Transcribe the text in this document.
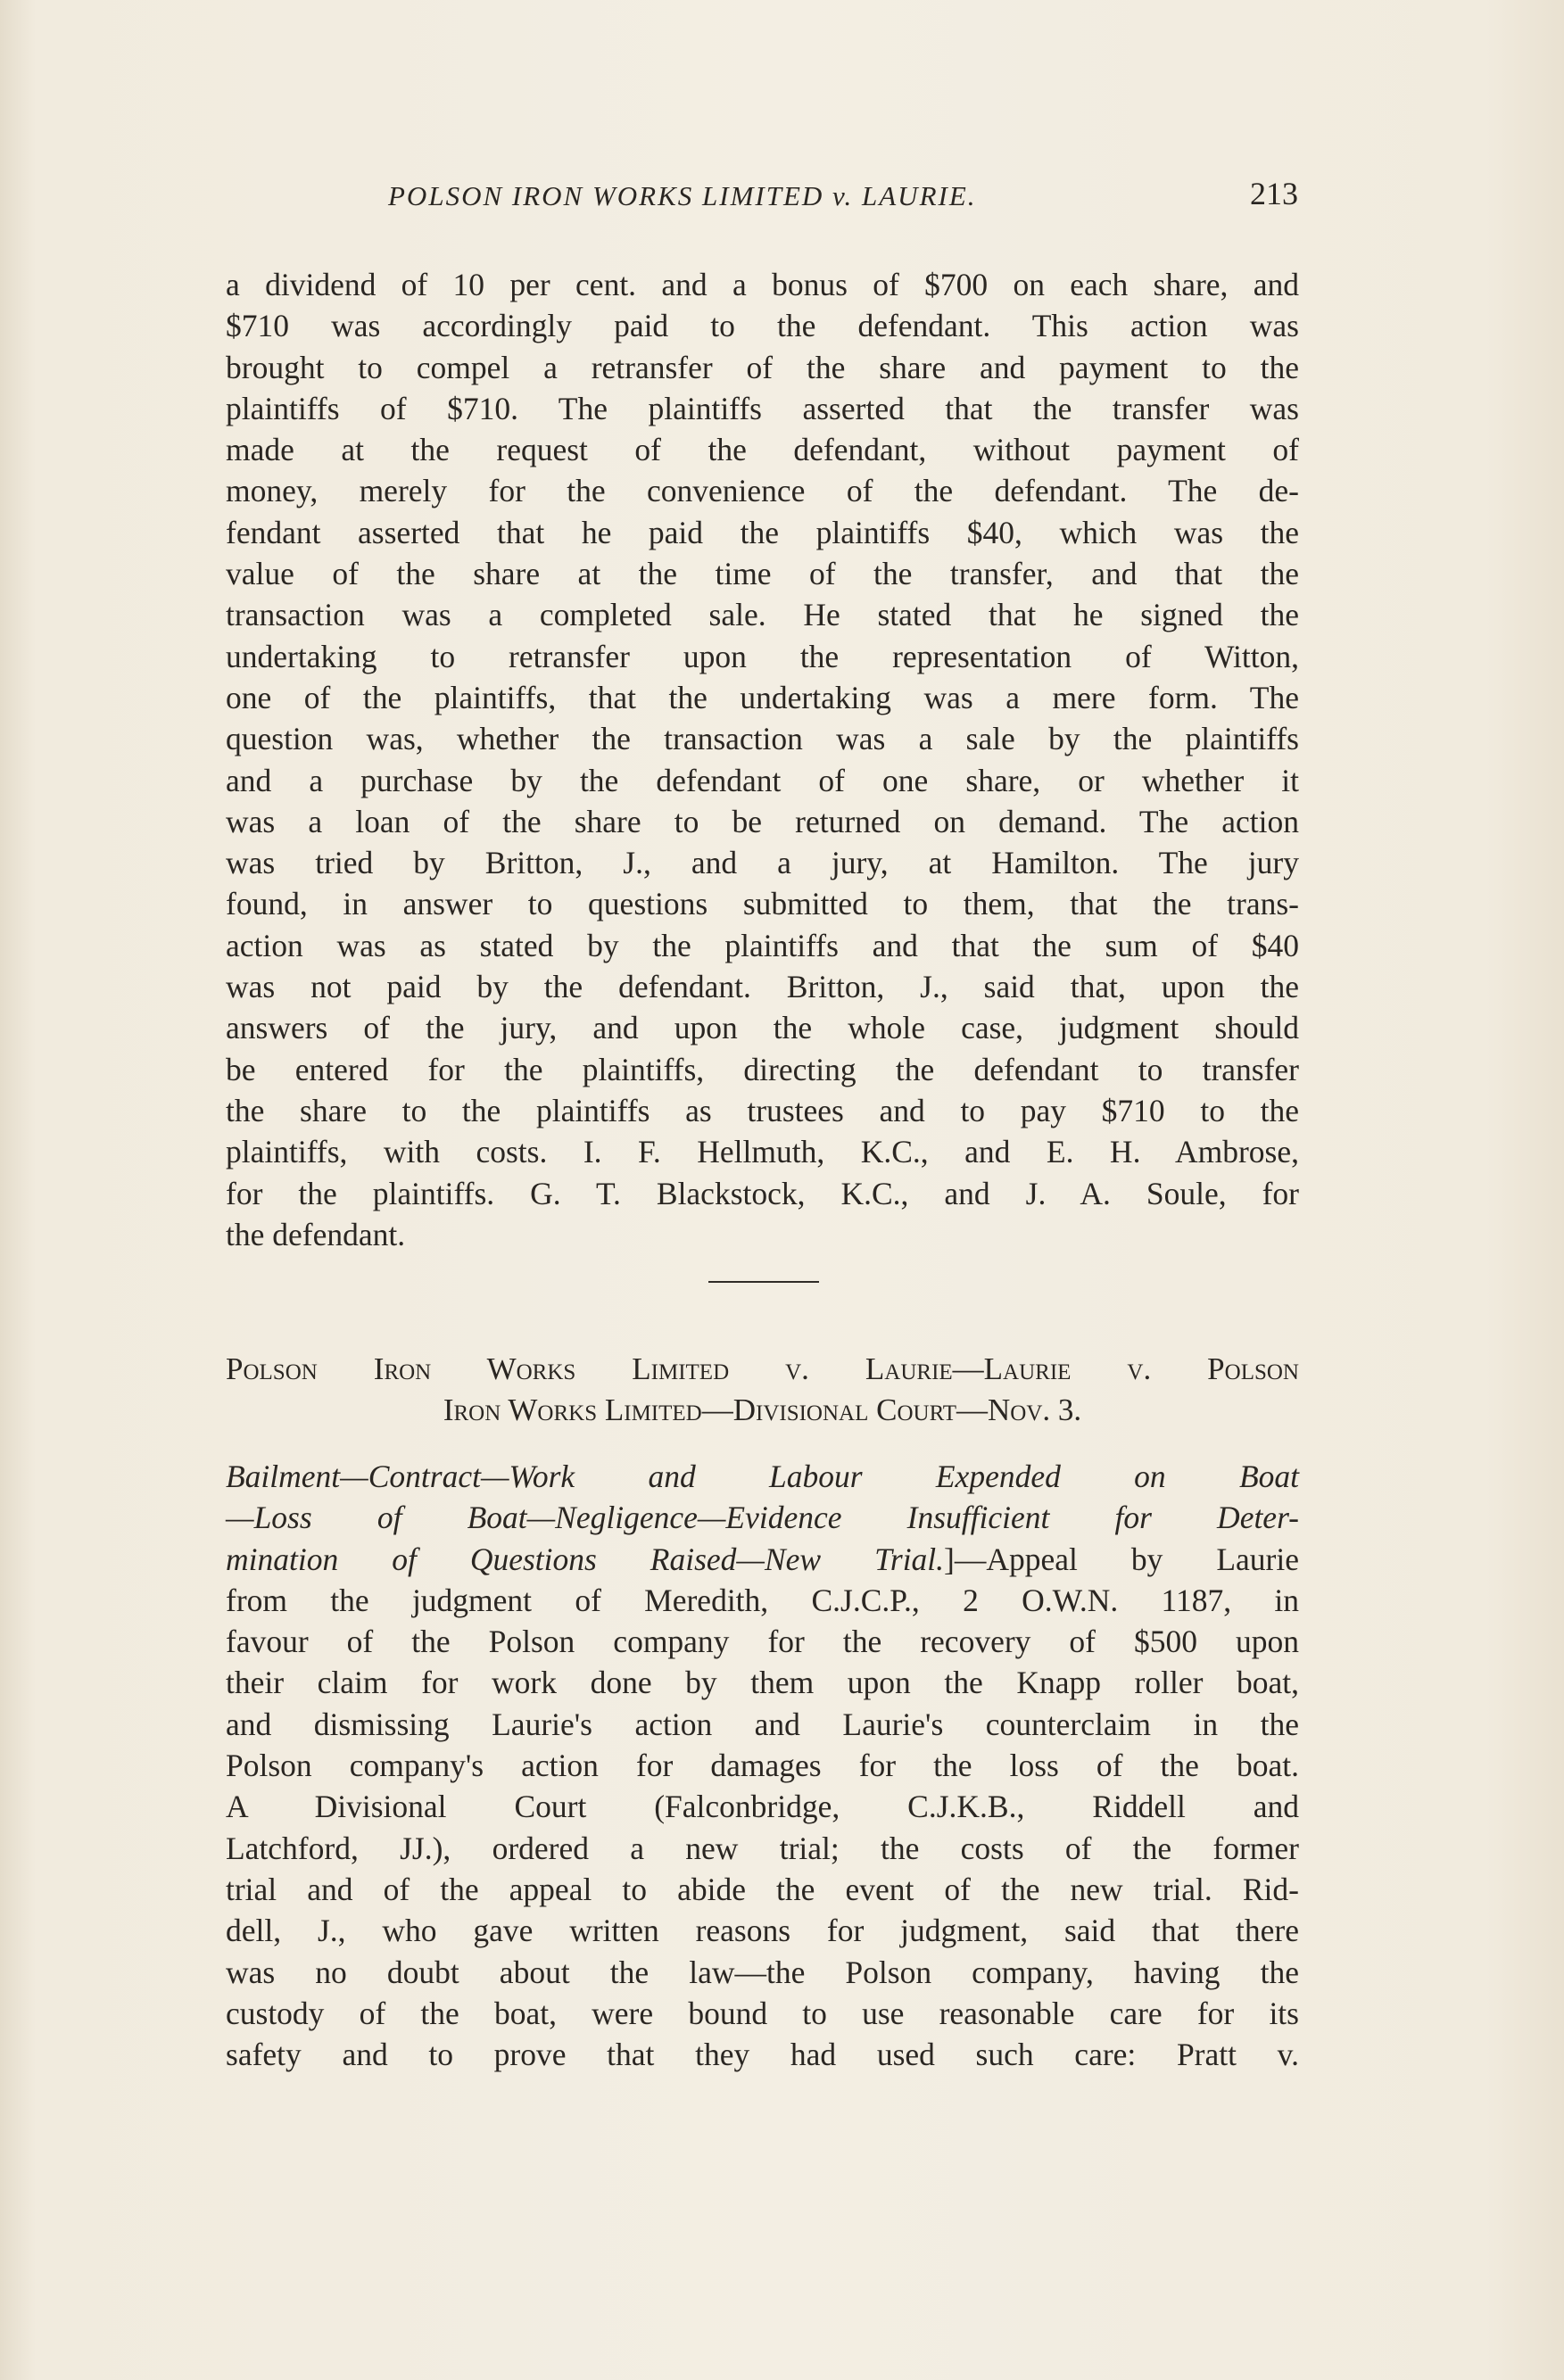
POLSON IRON WORKS LIMITED v. LAURIE.	213
a dividend of 10 per cent. and a bonus of $700 on each share, and
$710 was accordingly paid to the defendant. This action was
brought to compel a retransfer of the share and payment to the
plaintiffs of $710. The plaintiffs asserted that the transfer was
made at the request of the defendant, without payment of
money, merely for the convenience of the defendant. The de-
fendant asserted that he paid the plaintiffs $40, which was the
value of the share at the time of the transfer, and that the
transaction was a completed sale. He stated that he signed the
undertaking to retransfer upon the representation of Witton,
one of the plaintiffs, that the undertaking was a mere form. The
question was, whether the transaction was a sale by the plaintiffs
and a purchase by the defendant of one share, or whether it
was a loan of the share to be returned on demand. The action
was tried by Britton, J., and a jury, at Hamilton. The jury
found, in answer to questions submitted to them, that the trans-
action was as stated by the plaintiffs and that the sum of $40
was not paid by the defendant. Britton, J., said that, upon the
answers of the jury, and upon the whole case, judgment should
be entered for the plaintiffs, directing the defendant to transfer
the share to the plaintiffs as trustees and to pay $710 to the
plaintiffs, with costs. I. F. Hellmuth, K.C., and E. H. Ambrose,
for the plaintiffs. G. T. Blackstock, K.C., and J. A. Soule, for
the defendant.
Polson Iron Works Limited v. Laurie—Laurie v. Polson
Iron Works Limited—Divisional Court—Nov. 3.
Bailment—Contract—Work and Labour Expended on Boat
—Loss of Boat—Negligence—Evidence Insufficient for Deter-
mination of Questions Raised—New Trial.]—Appeal by Laurie
from the judgment of Meredith, C.J.C.P., 2 O.W.N. 1187, in
favour of the Polson company for the recovery of $500 upon
their claim for work done by them upon the Knapp roller boat,
and dismissing Laurie's action and Laurie's counterclaim in the
Polson company's action for damages for the loss of the boat.
A Divisional Court (Falconbridge, C.J.K.B., Riddell and
Latchford, JJ.), ordered a new trial; the costs of the former
trial and of the appeal to abide the event of the new trial. Rid-
dell, J., who gave written reasons for judgment, said that there
was no doubt about the law—the Polson company, having the
custody of the boat, were bound to use reasonable care for its
safety and to prove that they had used such care: Pratt v.
